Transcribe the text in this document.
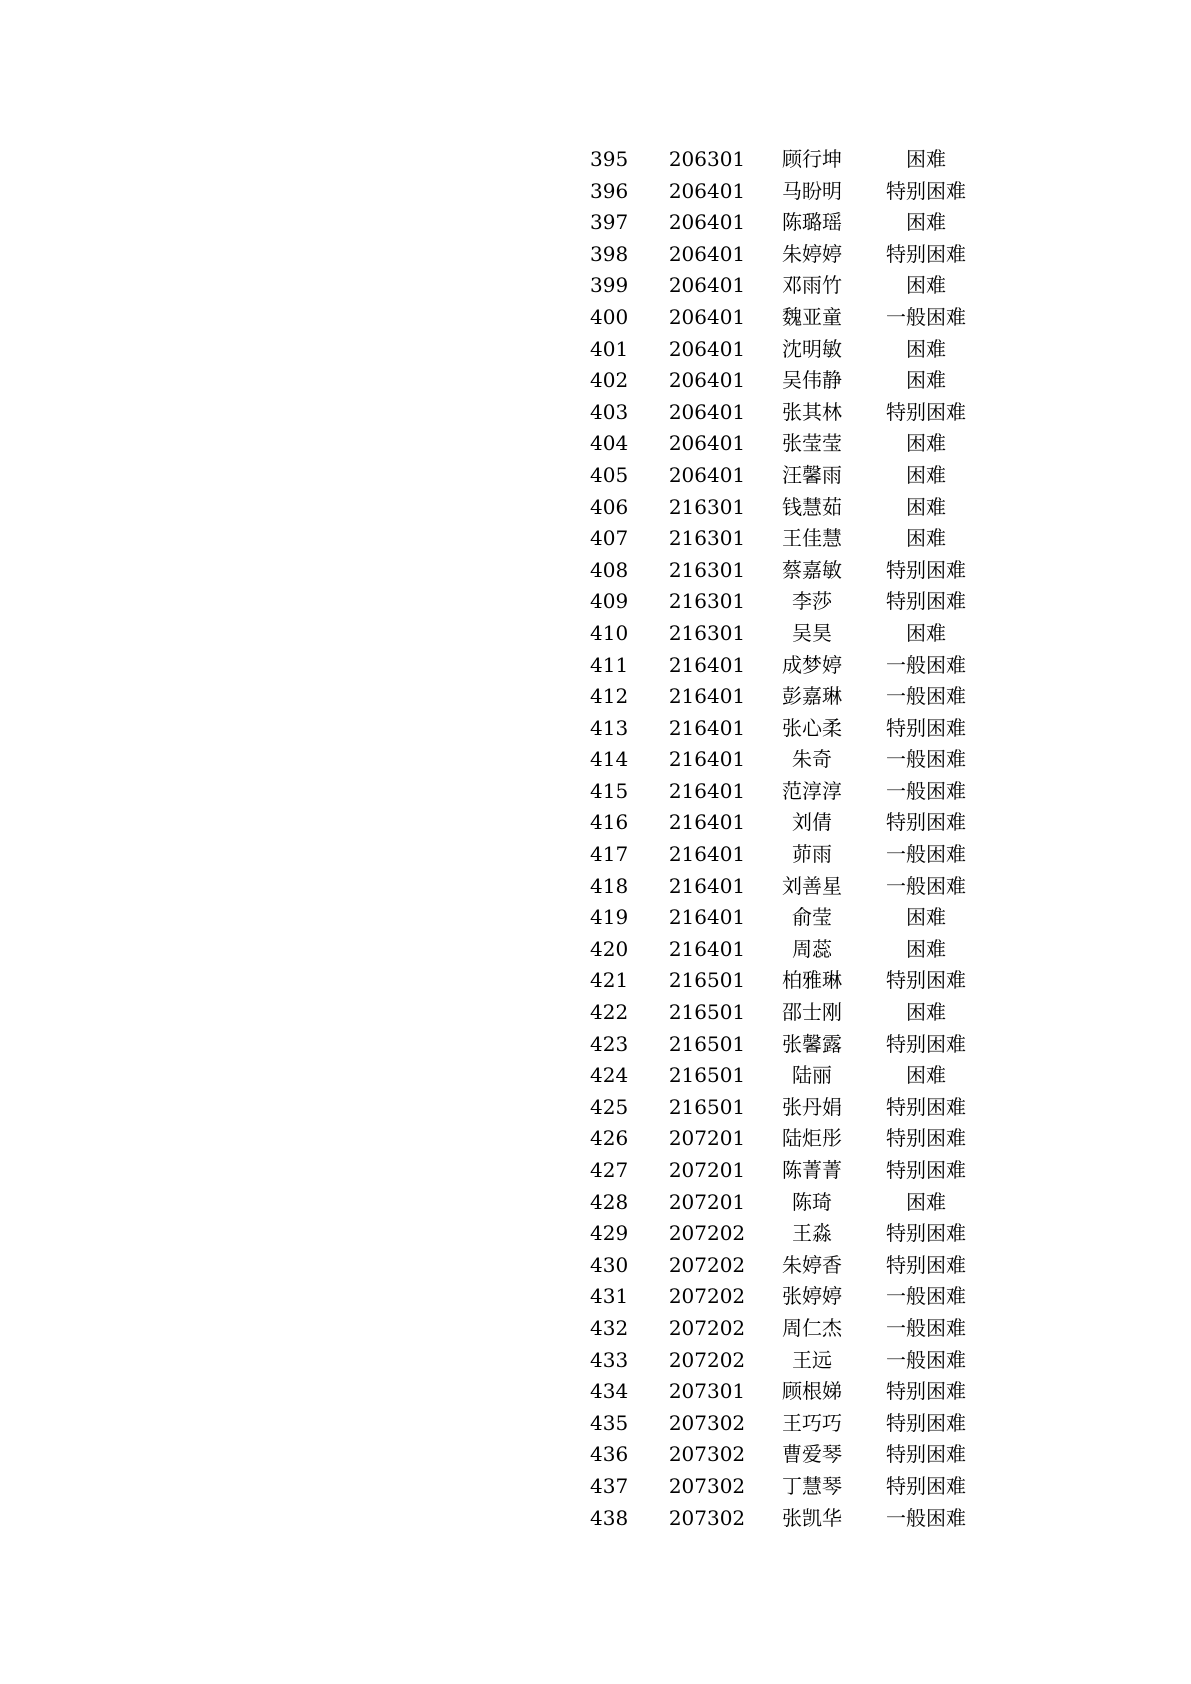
395	206301	顾行坤	困难
396	206401	马盼明	特别困难
397	206401	陈璐瑶	困难
398	206401	朱婷婷	特别困难
399	206401	邓雨竹	困难
400	206401	魏亚童	一般困难
401	206401	沈明敏	困难
402	206401	吴伟静	困难
403	206401	张其林	特别困难
404	206401	张莹莹	困难
405	206401	汪馨雨	困难
406	216301	钱慧茹	困难
407	216301	王佳慧	困难
408	216301	蔡嘉敏	特别困难
409	216301	李莎	特别困难
410	216301	吴昊	困难
411	216401	成梦婷	一般困难
412	216401	彭嘉琳	一般困难
413	216401	张心柔	特别困难
414	216401	朱奇	一般困难
415	216401	范淳淳	一般困难
416	216401	刘倩	特别困难
417	216401	茆雨	一般困难
418	216401	刘善星	一般困难
419	216401	俞莹	困难
420	216401	周蕊	困难
421	216501	柏雅琳	特别困难
422	216501	邵士刚	困难
423	216501	张馨露	特别困难
424	216501	陆丽	困难
425	216501	张丹娟	特别困难
426	207201	陆炬彤	特别困难
427	207201	陈菁菁	特别困难
428	207201	陈琦	困难
429	207202	王淼	特别困难
430	207202	朱婷香	特别困难
431	207202	张婷婷	一般困难
432	207202	周仁杰	一般困难
433	207202	王远	一般困难
434	207301	顾根娣	特别困难
435	207302	王巧巧	特别困难
436	207302	曹爱琴	特别困难
437	207302	丁慧琴	特别困难
438	207302	张凯华	一般困难
